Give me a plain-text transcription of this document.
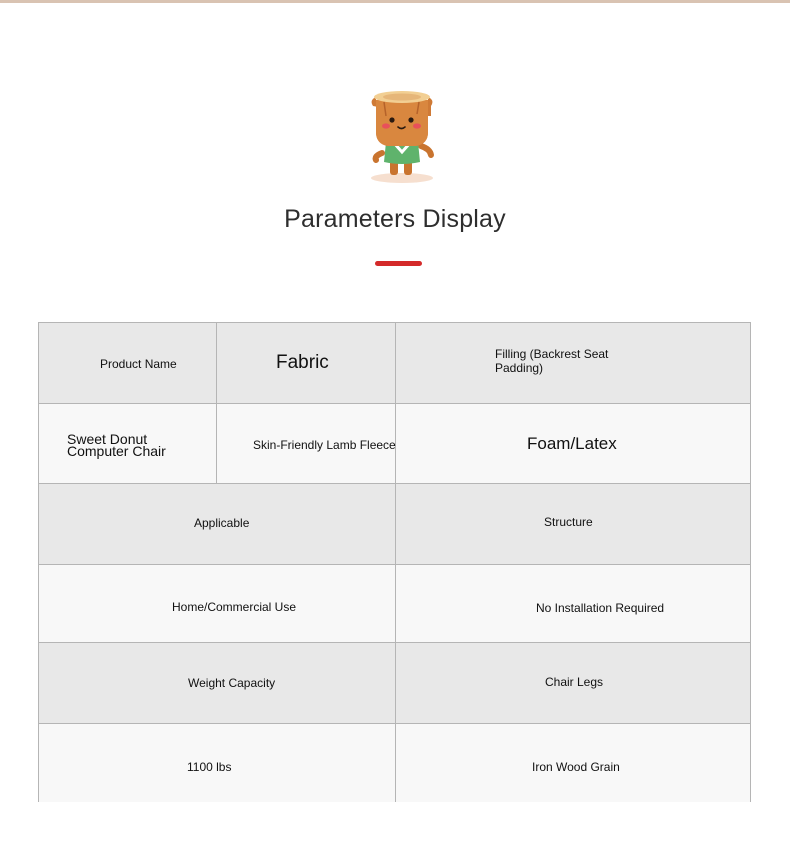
Parameters Display
Product Name	Fabric	Filling (Backrest Seat Padding)
Sweet Donut Computer Chair	Skin-Friendly Lamb Fleece	Foam/Latex
Applicable	Structure
Home/Commercial Use	No Installation Required
Weight Capacity	Chair Legs
1100 lbs	Iron Wood Grain
